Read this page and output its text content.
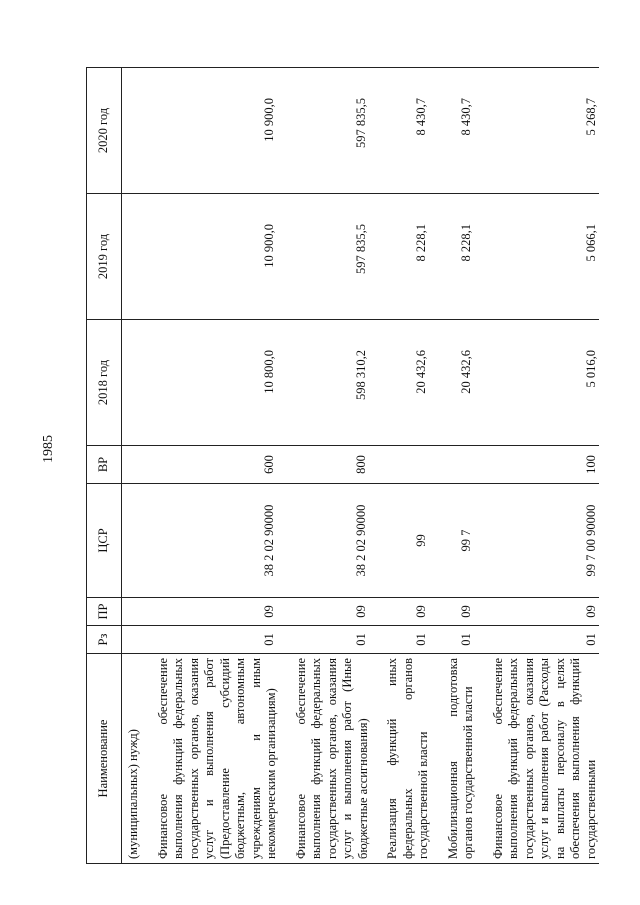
1985
Наименование	Рз	ПР	ЦСР	ВР	2018 год	2019 год	2020 год
(муниципальных) нужд)							
Финансовое обеспечение выполнения функций федеральных государственных органов, оказания услуг и выполнения работ (Предоставление субсидий бюджетным, автономным учреждениям и иным некоммерческим организациям)	01	09	38 2 02 90000	600	10 800,0	10 900,0	10 900,0
Финансовое обеспечение выполнения функций федеральных государственных органов, оказания услуг и выполнения работ (Иные бюджетные ассигнования)	01	09	38 2 02 90000	800	598 310,2	597 835,5	597 835,5
Реализация функций иных федеральных органов государственной власти	01	09	99		20 432,6	8 228,1	8 430,7
Мобилизационная подготовка органов государственной власти	01	09	99 7		20 432,6	8 228,1	8 430,7
Финансовое обеспечение выполнения функций федеральных государственных органов, оказания услуг и выполнения работ (Расходы на выплаты персоналу в целях обеспечения выполнения функций государственными	01	09	99 7 00 90000	100	5 016,0	5 066,1	5 268,7
